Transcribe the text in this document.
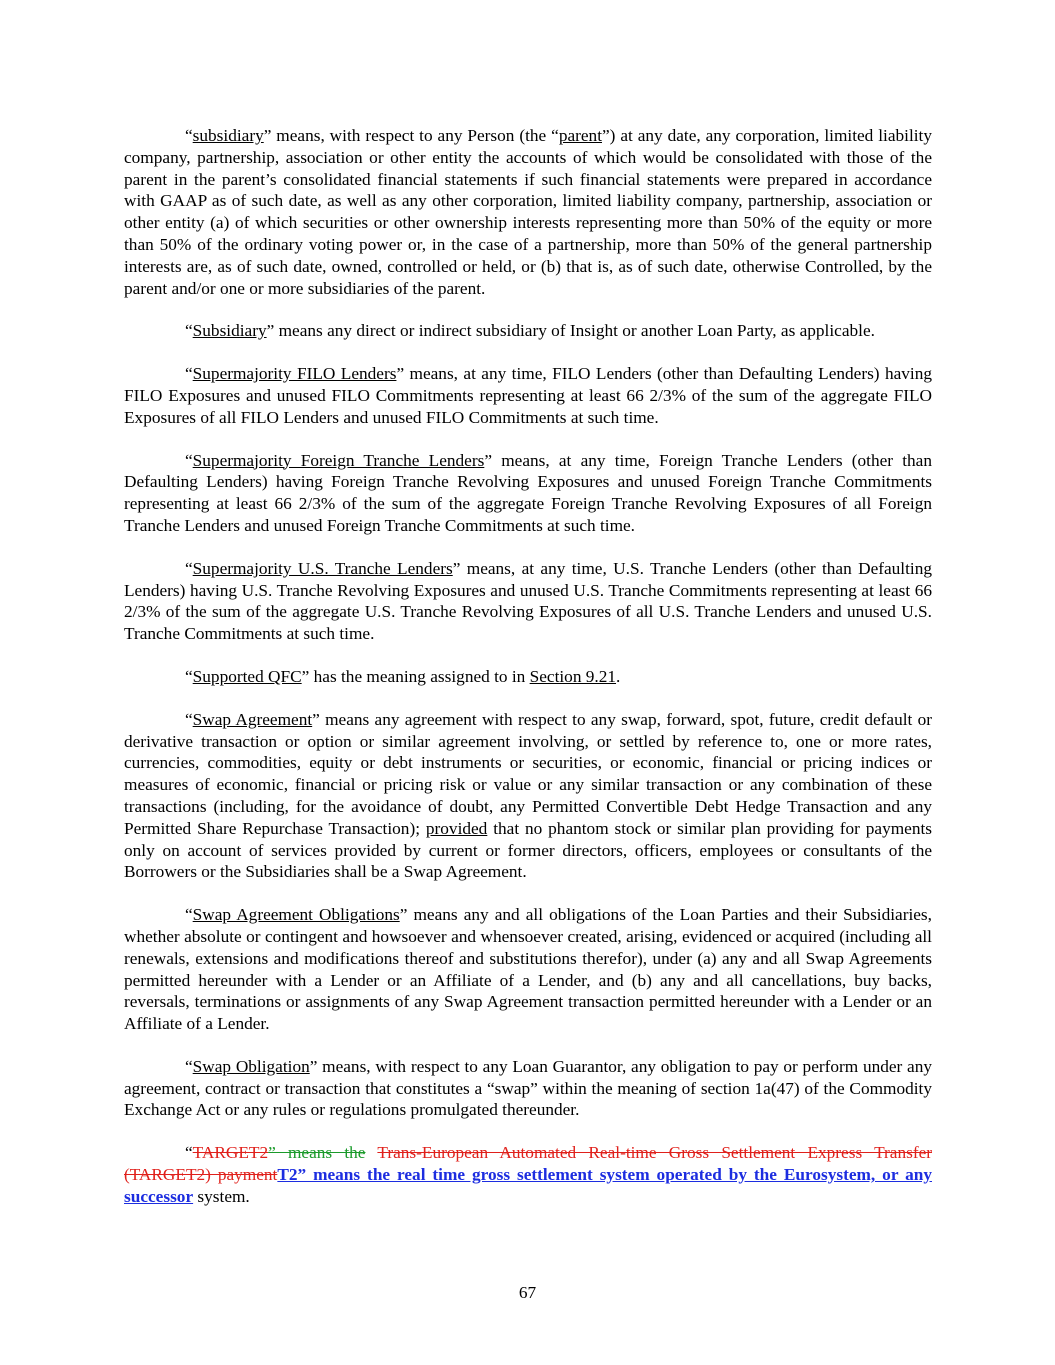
“subsidiary” means, with respect to any Person (the “parent”) at any date, any corporation, limited liability company, partnership, association or other entity the accounts of which would be consolidated with those of the parent in the parent’s consolidated financial statements if such financial statements were prepared in accordance with GAAP as of such date, as well as any other corporation, limited liability company, partnership, association or other entity (a) of which securities or other ownership interests representing more than 50% of the equity or more than 50% of the ordinary voting power or, in the case of a partnership, more than 50% of the general partnership interests are, as of such date, owned, controlled or held, or (b) that is, as of such date, otherwise Controlled, by the parent and/or one or more subsidiaries of the parent.

“Subsidiary” means any direct or indirect subsidiary of Insight or another Loan Party, as applicable.

“Supermajority FILO Lenders” means, at any time, FILO Lenders (other than Defaulting Lenders) having FILO Exposures and unused FILO Commitments representing at least 66 2/3% of the sum of the aggregate FILO Exposures of all FILO Lenders and unused FILO Commitments at such time.

“Supermajority Foreign Tranche Lenders” means, at any time, Foreign Tranche Lenders (other than Defaulting Lenders) having Foreign Tranche Revolving Exposures and unused Foreign Tranche Commitments representing at least 66 2/3% of the sum of the aggregate Foreign Tranche Revolving Exposures of all Foreign Tranche Lenders and unused Foreign Tranche Commitments at such time.

“Supermajority U.S. Tranche Lenders” means, at any time, U.S. Tranche Lenders (other than Defaulting Lenders) having U.S. Tranche Revolving Exposures and unused U.S. Tranche Commitments representing at least 66 2/3% of the sum of the aggregate U.S. Tranche Revolving Exposures of all U.S. Tranche Lenders and unused U.S. Tranche Commitments at such time.

“Supported QFC” has the meaning assigned to in Section 9.21.

“Swap Agreement” means any agreement with respect to any swap, forward, spot, future, credit default or derivative transaction or option or similar agreement involving, or settled by reference to, one or more rates, currencies, commodities, equity or debt instruments or securities, or economic, financial or pricing indices or measures of economic, financial or pricing risk or value or any similar transaction or any combination of these transactions (including, for the avoidance of doubt, any Permitted Convertible Debt Hedge Transaction and any Permitted Share Repurchase Transaction); provided that no phantom stock or similar plan providing for payments only on account of services provided by current or former directors, officers, employees or consultants of the Borrowers or the Subsidiaries shall be a Swap Agreement.

“Swap Agreement Obligations” means any and all obligations of the Loan Parties and their Subsidiaries, whether absolute or contingent and howsoever and whensoever created, arising, evidenced or acquired (including all renewals, extensions and modifications thereof and substitutions therefor), under (a) any and all Swap Agreements permitted hereunder with a Lender or an Affiliate of a Lender, and (b) any and all cancellations, buy backs, reversals, terminations or assignments of any Swap Agreement transaction permitted hereunder with a Lender or an Affiliate of a Lender.

“Swap Obligation” means, with respect to any Loan Guarantor, any obligation to pay or perform under any agreement, contract or transaction that constitutes a “swap” within the meaning of section 1a(47) of the Commodity Exchange Act or any rules or regulations promulgated thereunder.

“TARGET2” means the Trans-European Automated Real-time Gross Settlement Express Transfer (TARGET2) paymentT2” means the real time gross settlement system operated by the Eurosystem, or any successor system.

67
